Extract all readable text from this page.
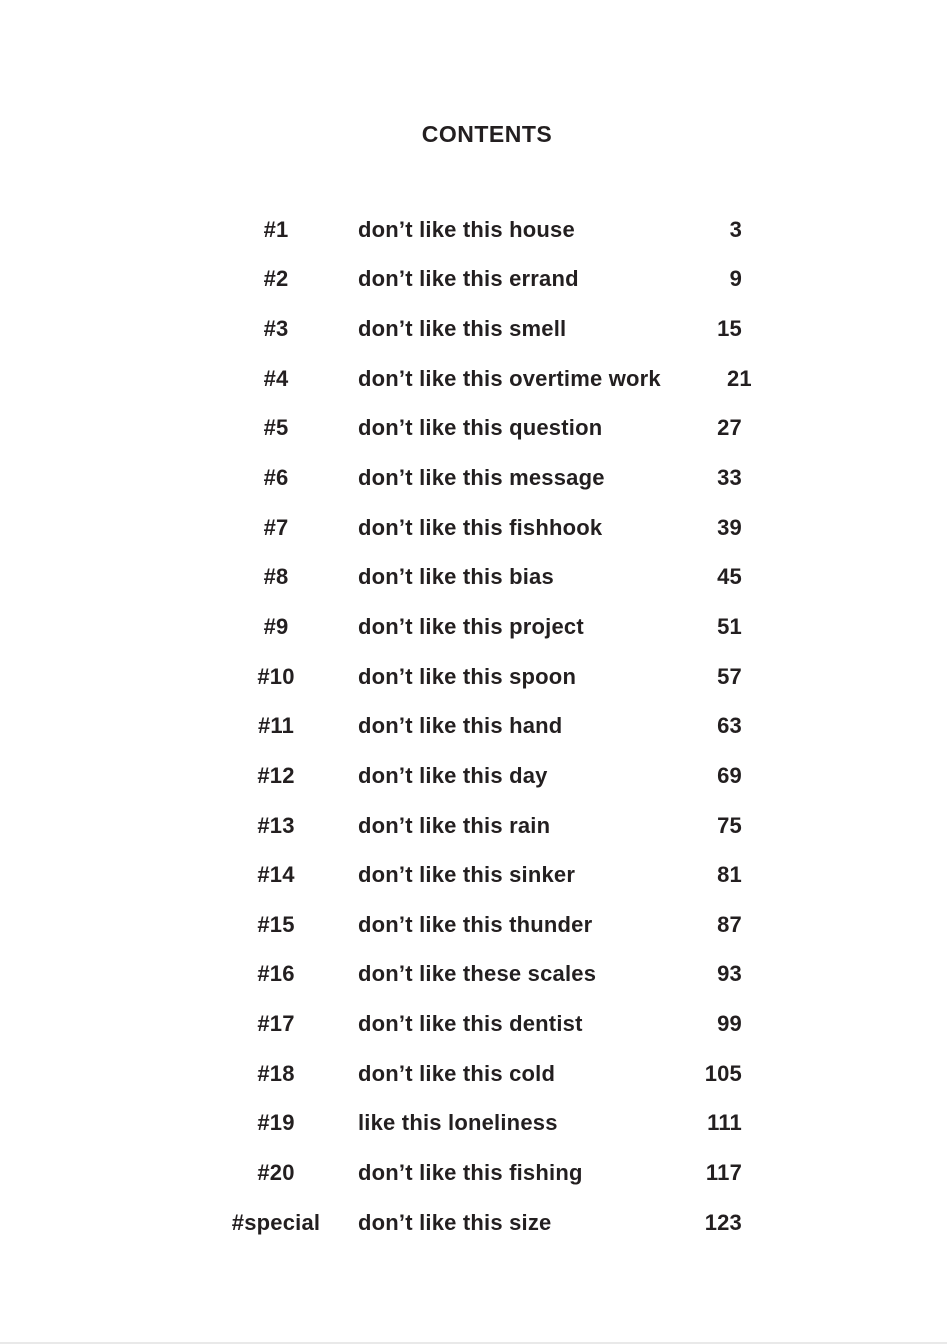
CONTENTS
#1	don’t like this house	3
#2	don’t like this errand	9
#3	don’t like this smell	15
#4	don’t like this overtime work	21
#5	don’t like this question	27
#6	don’t like this message	33
#7	don’t like this fishhook	39
#8	don’t like this bias	45
#9	don’t like this project	51
#10	don’t like this spoon	57
#11	don’t like this hand	63
#12	don’t like this day	69
#13	don’t like this rain	75
#14	don’t like this sinker	81
#15	don’t like this thunder	87
#16	don’t like these scales	93
#17	don’t like this dentist	99
#18	don’t like this cold	105
#19	like this loneliness	111
#20	don’t like this fishing	117
#special	don’t like this size	123
